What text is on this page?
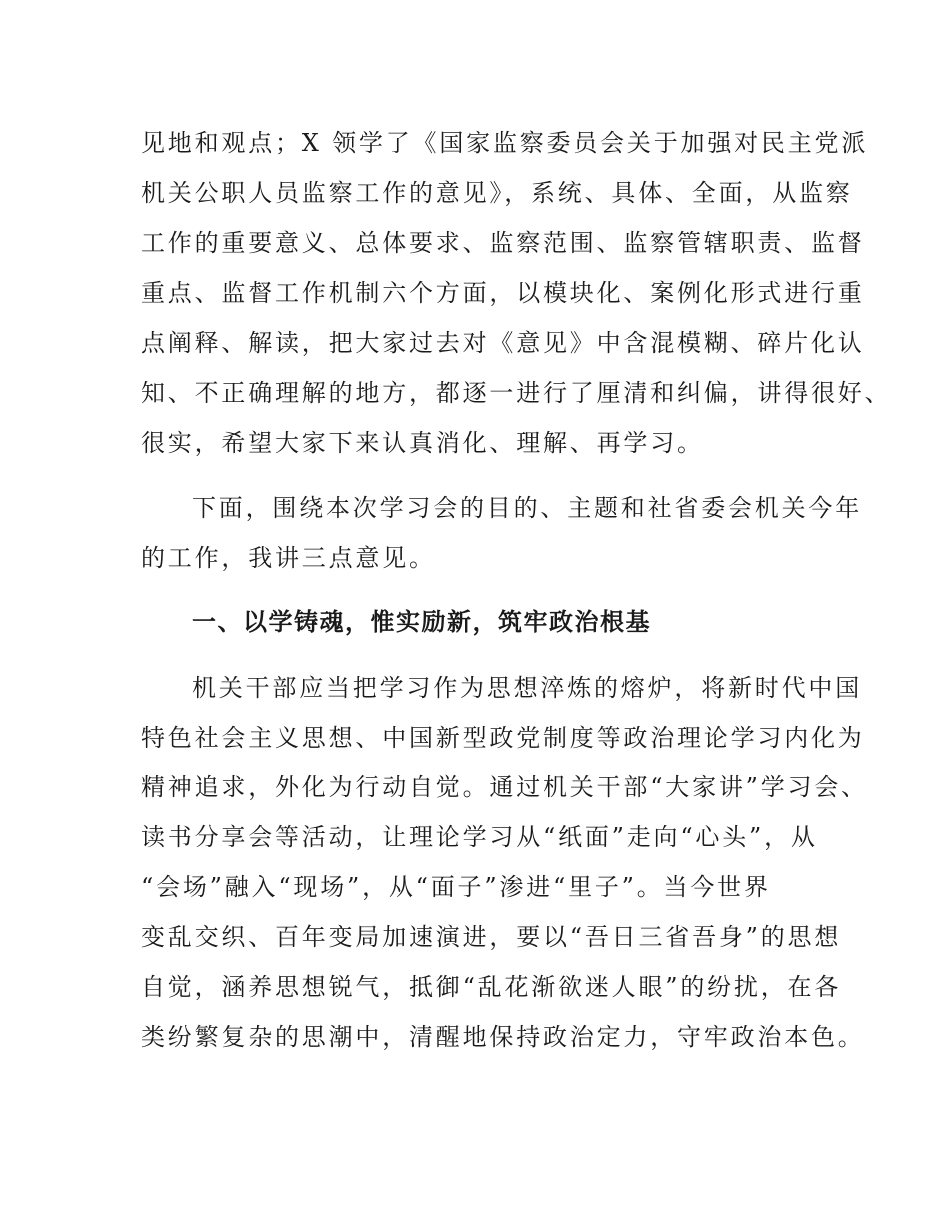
见地和观点；X 领学了《国家监察委员会关于加强对民主党派
机关公职人员监察工作的意见》，系统、具体、全面，从监察
工作的重要意义、总体要求、监察范围、监察管辖职责、监督
重点、监督工作机制六个方面，以模块化、案例化形式进行重
点阐释、解读，把大家过去对《意见》中含混模糊、碎片化认
知、不正确理解的地方，都逐一进行了厘清和纠偏，讲得很好、
很实，希望大家下来认真消化、理解、再学习。
下面，围绕本次学习会的目的、主题和社省委会机关今年
的工作，我讲三点意见。
一、以学铸魂，惟实励新，筑牢政治根基
机关干部应当把学习作为思想淬炼的熔炉，将新时代中国
特色社会主义思想、中国新型政党制度等政治理论学习内化为
精神追求，外化为行动自觉。通过机关干部“大家讲”学习会、
读书分享会等活动，让理论学习从“纸面”走向“心头”，从
“会场”融入“现场”，从“面子”渗进“里子”。当今世界
变乱交织、百年变局加速演进，要以“吾日三省吾身”的思想
自觉，涵养思想锐气，抵御“乱花渐欲迷人眼”的纷扰，在各
类纷繁复杂的思潮中，清醒地保持政治定力，守牢政治本色。
